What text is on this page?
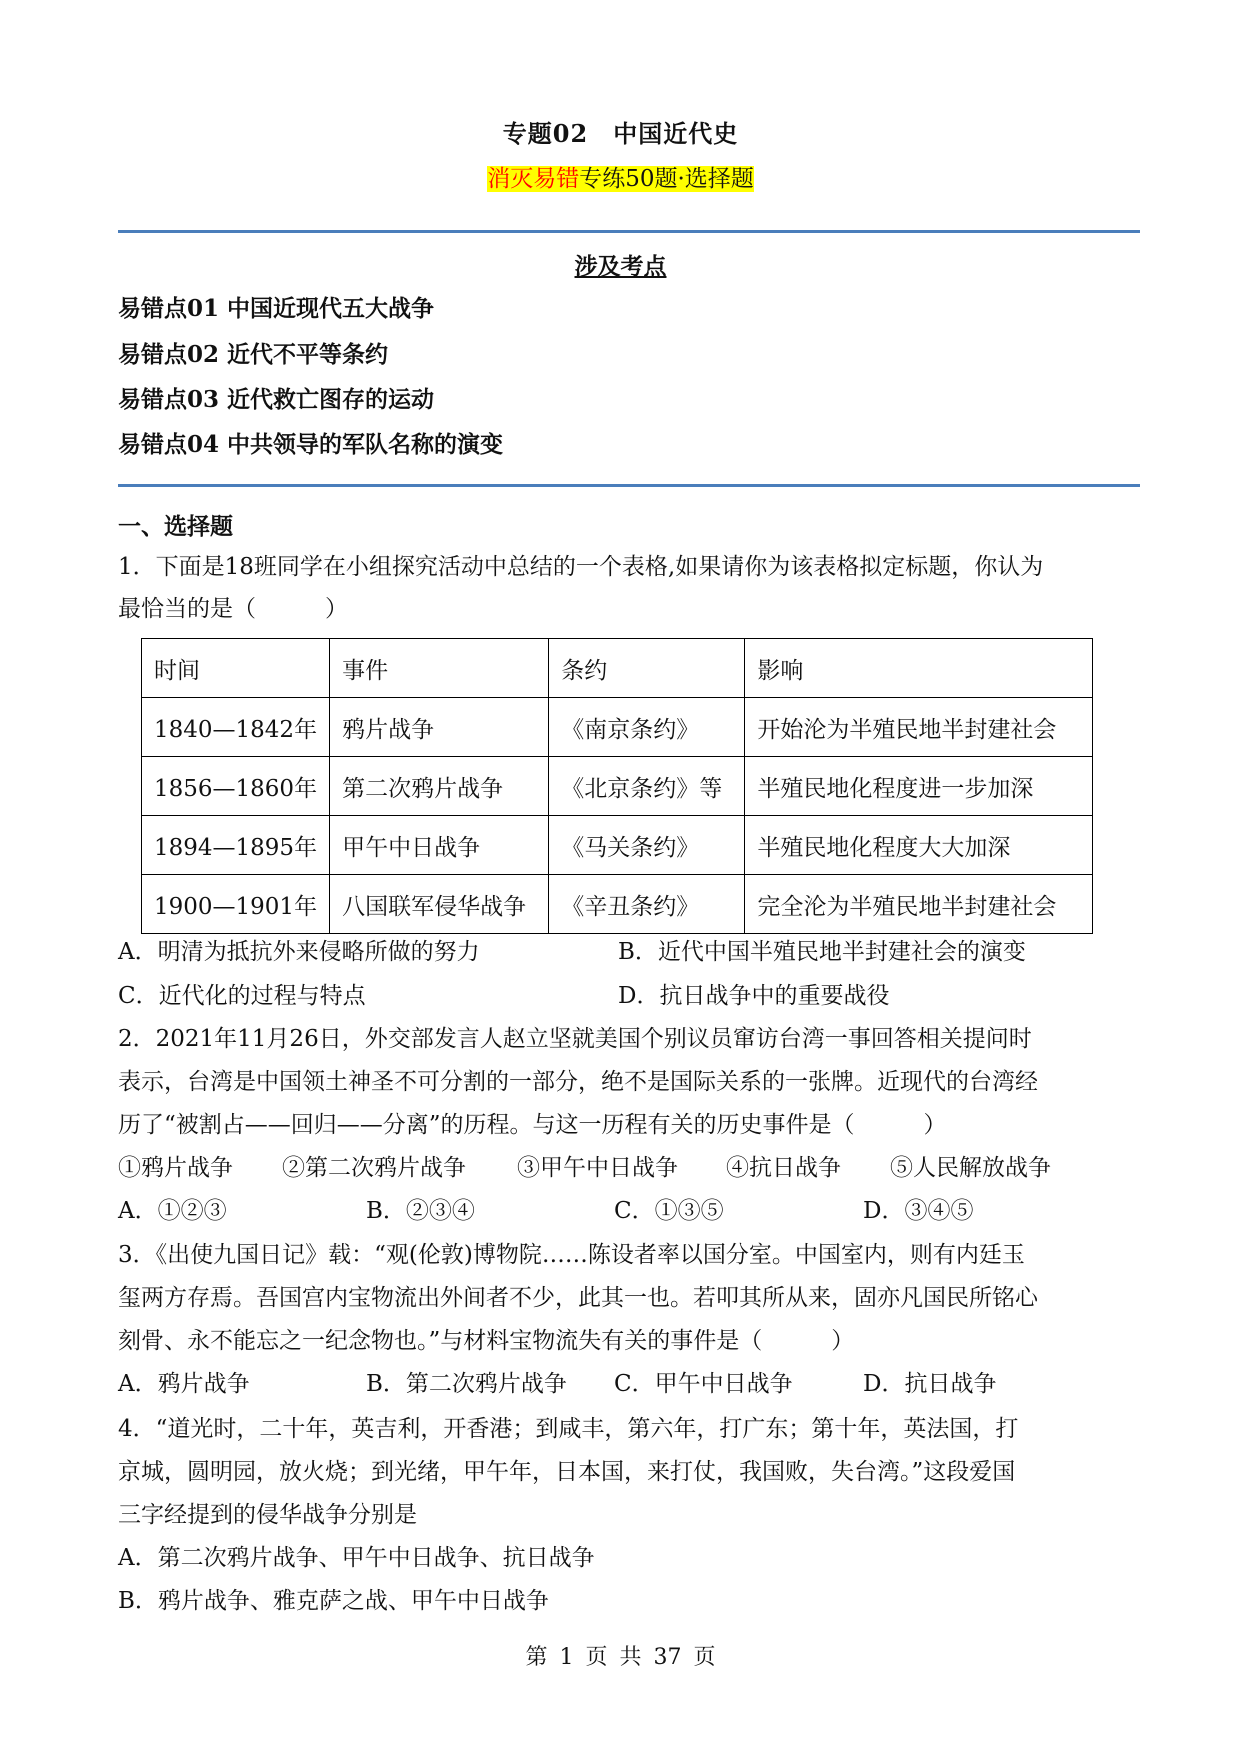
专题02　中国近代史
消灭易错专练50题·选择题
涉及考点
易错点01 中国近现代五大战争
易错点02 近代不平等条约
易错点03 近代救亡图存的运动
易错点04 中共领导的军队名称的演变
一、选择题
1．下面是18班同学在小组探究活动中总结的一个表格,如果请你为该表格拟定标题，你认为
最恰当的是（　　　）
时间	事件	条约	影响
1840—1842年	鸦片战争	《南京条约》	开始沦为半殖民地半封建社会
1856—1860年	第二次鸦片战争	《北京条约》等	半殖民地化程度进一步加深
1894—1895年	甲午中日战争	《马关条约》	半殖民地化程度大大加深
1900—1901年	八国联军侵华战争	《辛丑条约》	完全沦为半殖民地半封建社会
A．明清为抵抗外来侵略所做的努力	B．近代中国半殖民地半封建社会的演变
C．近代化的过程与特点	D．抗日战争中的重要战役
2．2021年11月26日，外交部发言人赵立坚就美国个别议员窜访台湾一事回答相关提问时
表示，台湾是中国领土神圣不可分割的一部分，绝不是国际关系的一张牌。近现代的台湾经
历了“被割占——回归——分离”的历程。与这一历程有关的历史事件是（　　　）
①鸦片战争 ②第二次鸦片战争 ③甲午中日战争 ④抗日战争 ⑤人民解放战争
A．①②③	B．②③④	C．①③⑤	D．③④⑤
3．《出使九国日记》载：“观(伦敦)博物院……陈设者率以国分室。中国室内，则有内廷玉
玺两方存焉。吾国宫内宝物流出外间者不少，此其一也。若叩其所从来，固亦凡国民所铭心
刻骨、永不能忘之一纪念物也。”与材料宝物流失有关的事件是（　　　）
A．鸦片战争	B．第二次鸦片战争 C．甲午中日战争	D．抗日战争
4．“道光时，二十年，英吉利，开香港；到咸丰，第六年，打广东；第十年，英法国，打
京城，圆明园，放火烧；到光绪，甲午年，日本国，来打仗，我国败，失台湾。”这段爱国
三字经提到的侵华战争分别是
A．第二次鸦片战争、甲午中日战争、抗日战争
B．鸦片战争、雅克萨之战、甲午中日战争
第 1 页 共 37 页
